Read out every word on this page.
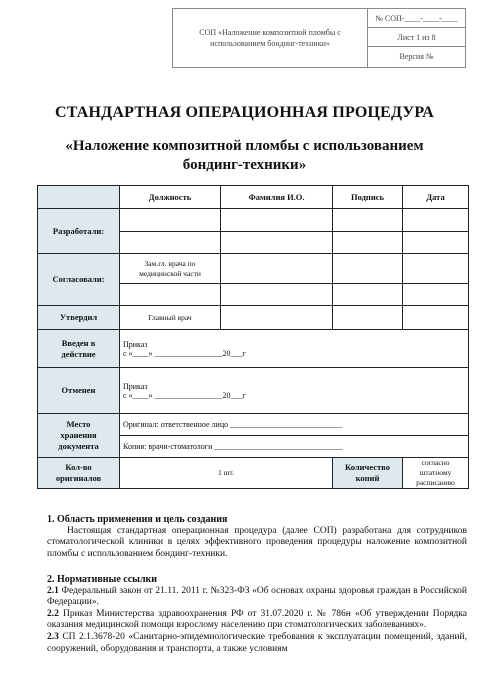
СОП «Наложение композитной пломбы с
использованием бондинг-техники»
№ СОП-____-____-____
Лист 1 из 8
Версия №
СТАНДАРТНАЯ ОПЕРАЦИОННАЯ ПРОЦЕДУРА
«Наложение композитной пломбы с использованием
бондинг-техники»
	Должность	Фамилия И.О.	Подпись	Дата
Разработали:				

Согласовали:	Зам.гл. врача по
медицинской части			

Утвердил	Главный врач			
Введен в
действие	Приказ
с «____» _________________20___г			
Отменен	Приказ
с «____» _________________20___г			
Место
хранения
документа	Оригинал: ответственное лицо ____________________________			
	Копия: врачи-стоматологи ________________________________			
Кол-во
оригиналов	1 шт.		Количество
копий	согласно штатному
расписанию

1. Область применения и цель создания

Настоящая стандартная операционная процедура (далее СОП) разработана для сотрудников стоматологической клиники в целях эффективного проведения процедуры наложение композитной пломбы с использованием бондинг-техники.

2. Нормативные ссылки

2.1 Федеральный закон от 21.11. 2011 г. №323-ФЗ «Об основах охраны здоровья граждан в Российской Федерации».

2.2 Приказ Министерства здравоохранения РФ от 31.07.2020 г. № 786н «Об утверждении Порядка оказания медицинской помощи взрослому населению при стоматологических заболеваниях».

2.3 СП 2.1.3678-20 «Санитарно-эпидемиологические требования к эксплуатации помещений, зданий, сооружений, оборудования и транспорта, а также условиям
